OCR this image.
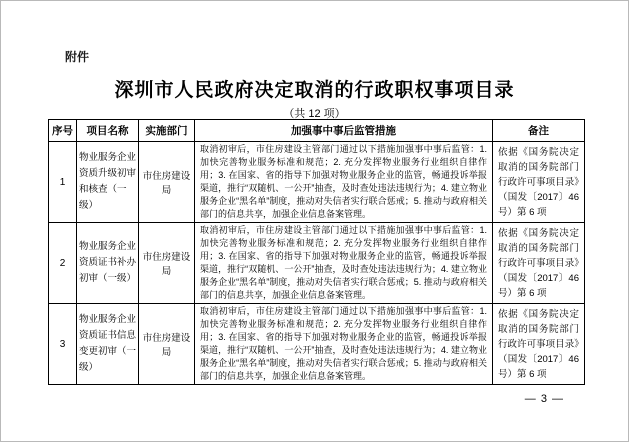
附件
深圳市人民政府决定取消的行政职权事项目录
（共 12 项）
序号	项目名称	实施部门	加强事中事后监管措施	备注
1	物业服务企业资质升级初审和核查（一级）	市住房建设局	取消初审后，市住房建设主管部门通过以下措施加强事中事后监管：1. 加快完善物业服务标准和规范；2. 充分发挥物业服务行业组织自律作用；3. 在国家、省的指导下加强对物业服务企业的监管，畅通投诉举报渠道，推行“双随机、一公开”抽查，及时查处违法违规行为；4. 建立物业服务企业“黑名单”制度，推动对失信者实行联合惩戒；5. 推动与政府相关部门的信息共享，加强企业信息备案管理。	依据《国务院决定取消的国务院部门行政许可事项目录》（国发〔2017〕46 号）第 6 项
2	物业服务企业资质证书补办初审（一级）	市住房建设局	取消初审后，市住房建设主管部门通过以下措施加强事中事后监管：1. 加快完善物业服务标准和规范；2. 充分发挥物业服务行业组织自律作用；3. 在国家、省的指导下加强对物业服务企业的监管，畅通投诉举报渠道，推行“双随机、一公开”抽查，及时查处违法违规行为；4. 建立物业服务企业“黑名单”制度，推动对失信者实行联合惩戒；5. 推动与政府相关部门的信息共享，加强企业信息备案管理。	依据《国务院决定取消的国务院部门行政许可事项目录》（国发〔2017〕46 号）第 6 项
3	物业服务企业资质证书信息变更初审（一级）	市住房建设局	取消初审后，市住房建设主管部门通过以下措施加强事中事后监管：1. 加快完善物业服务标准和规范；2. 充分发挥物业服务行业组织自律作用；3. 在国家、省的指导下加强对物业服务企业的监管，畅通投诉举报渠道，推行“双随机、一公开”抽查，及时查处违法违规行为；4. 建立物业服务企业“黑名单”制度，推动对失信者实行联合惩戒；5. 推动与政府相关部门的信息共享，加强企业信息备案管理。	依据《国务院决定取消的国务院部门行政许可事项目录》（国发〔2017〕46 号）第 6 项
— 3 —
